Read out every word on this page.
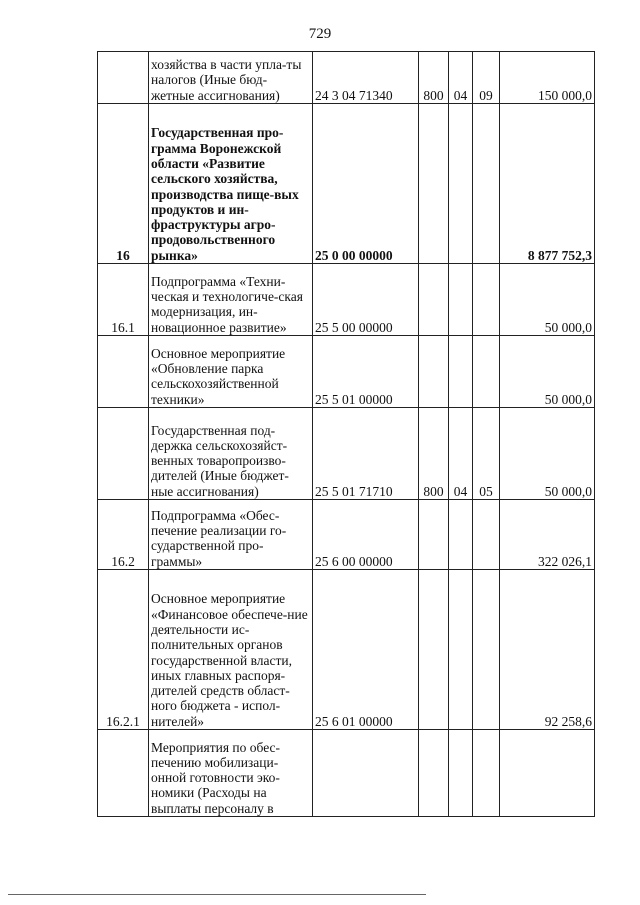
729
	хозяйства в части упла-ты налогов (Иные бюд-жетные ассигнования)	24 3 04 71340	800	04	09	150 000,0
16	Государственная про-грамма Воронежской области «Развитие сельского хозяйства, производства пище-вых продуктов и ин-фраструктуры агро-продовольственного рынка»	25 0 00 00000				8 877 752,3
16.1	Подпрограмма «Техни-ческая и технологиче-ская модернизация, ин-новационное развитие»	25 5 00 00000				50 000,0
	Основное мероприятие «Обновление парка сельскохозяйственной техники»	25 5 01 00000				50 000,0
	Государственная под-держка сельскохозяйст-венных товаропроизво-дителей (Иные бюджет-ные ассигнования)	25 5 01 71710	800	04	05	50 000,0
16.2	Подпрограмма «Обес-печение реализации го-сударственной про-граммы»	25 6 00 00000				322 026,1
16.2.1	Основное мероприятие «Финансовое обеспече-ние деятельности ис-полнительных органов государственной власти, иных главных распоря-дителей средств област-ного бюджета - испол-нителей»	25 6 01 00000				92 258,6
	Мероприятия по обес-печению мобилизаци-онной готовности эко-номики (Расходы на выплаты персоналу в					
